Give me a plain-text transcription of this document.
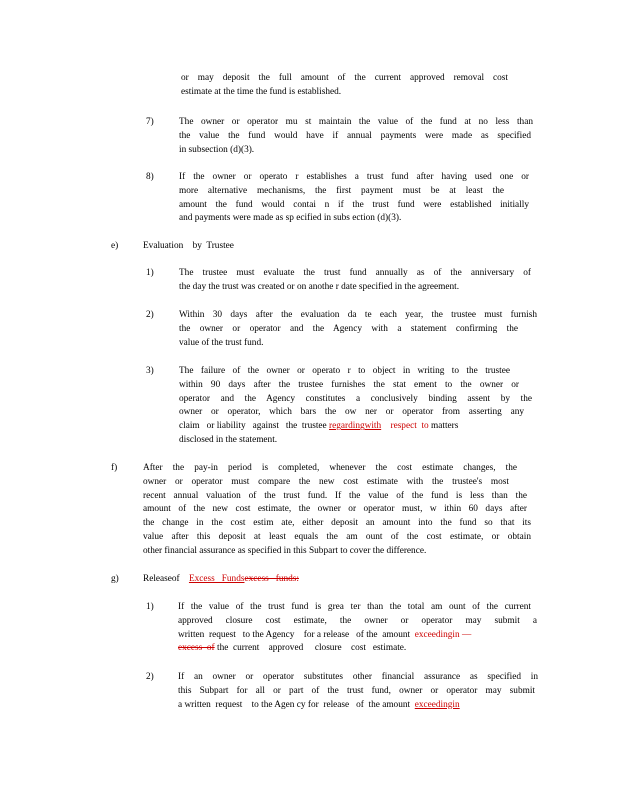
or may deposit the full amount of the current approved removal cost

estimate at the time the fund is established.

7)	The owner or operator mu st maintain the value of the fund at no less than

the value the fund would have if annual payments were made as specified

in subsection (d)(3).

8)	If the owner or operato r establishes a trust fund after having used one or

more alternative mechanisms, the first payment must be at least the

amount the fund would contai n if the trust fund were established initially

and payments were made as sp ecified in subs ection (d)(3).

e)	Evaluation    by  Trustee
1)	The trustee must evaluate the trust fund annually as of the anniversary of

the day the trust was created or on anothe r date specified in the agreement.

2)	Within 30 days after the evaluation da te each year, the trustee must furnish

the owner or operator and the Agency with a statement confirming the

value of the trust fund.

3)	The failure of the owner or operato r to object in writing to the trustee

within 90 days after the trustee furnishes the stat ement to the owner or

operator and the Agency constitutes a conclusively binding assent by the

owner or operator, which bars the ow ner or operator from asserting any

claim   or liability   against   the  trustee regardingwith respect  to matters

disclosed in the statement.

f)	After the pay-in period is completed, whenever the cost estimate changes, the

owner or operator must compare the new cost estimate with the trustee's most

recent annual valuation of the trust fund. If the value of the fund is less than the

amount of the new cost estimate, the owner or operator must, w ithin 60 days after

the change in the cost estim ate, either deposit an amount into the fund so that its

value after this deposit at least equals the am ount of the cost estimate, or obtain

other financial assurance as specified in this Subpart to cover the difference.

g)	Releaseof Excess   Fundsexcess   funds:
1)	If the value of the trust fund is grea ter than the total am ount of the current

approved closure cost estimate, the owner or operator may submit a

written  request   to the Agency    for a release   of the  amount  exceedingin —

excess  of the  current    approved     closure    cost   estimate.

2)	If an owner or operator substitutes other financial assurance as specified in

this Subpart for all or part of the trust fund, owner or operator may submit

a written  request    to the Agen cy for  release   of  the amount  exceedingin
